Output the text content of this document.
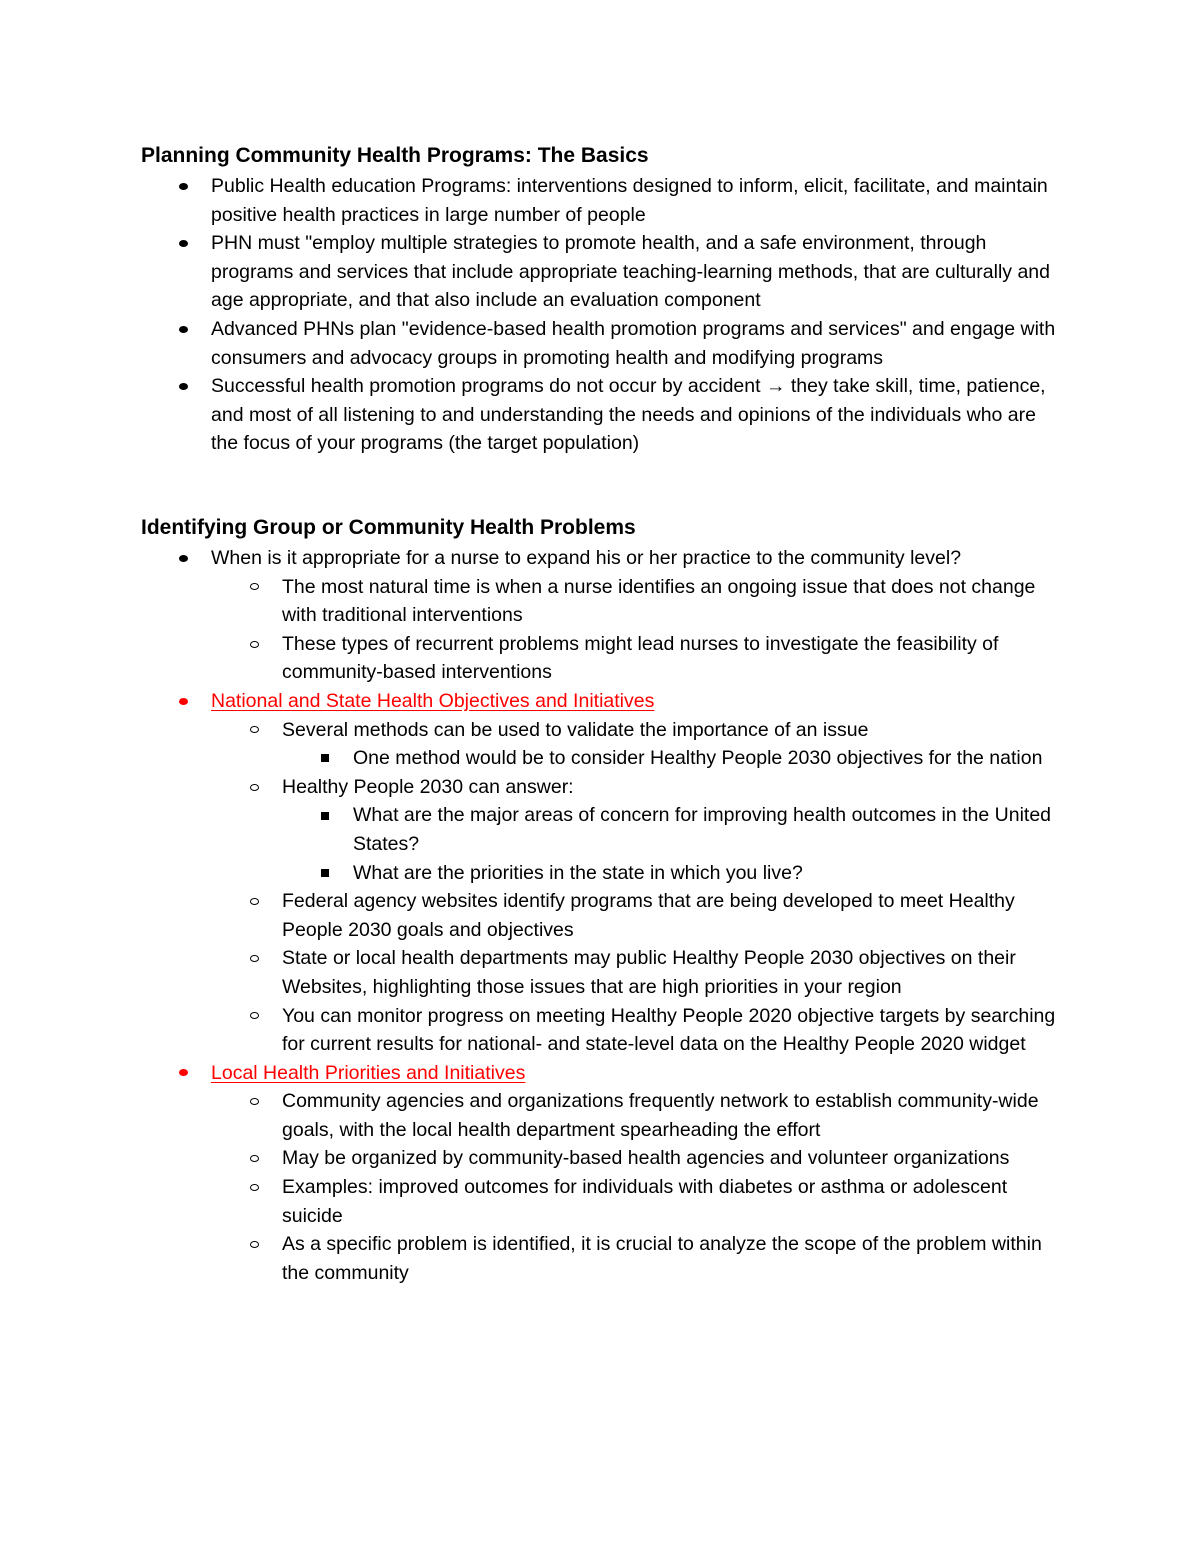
Planning Community Health Programs: The Basics
Public Health education Programs: interventions designed to inform, elicit, facilitate, and maintain positive health practices in large number of people
PHN must "employ multiple strategies to promote health, and a safe environment, through programs and services that include appropriate teaching-learning methods, that are culturally and age appropriate, and that also include an evaluation component
Advanced PHNs plan "evidence-based health promotion programs and services" and engage with consumers and advocacy groups in promoting health and modifying programs
Successful health promotion programs do not occur by accident → they take skill, time, patience, and most of all listening to and understanding the needs and opinions of the individuals who are the focus of your programs (the target population)
Identifying Group or Community Health Problems
When is it appropriate for a nurse to expand his or her practice to the community level?
The most natural time is when a nurse identifies an ongoing issue that does not change with traditional interventions
These types of recurrent problems might lead nurses to investigate the feasibility of community-based interventions
National and State Health Objectives and Initiatives
Several methods can be used to validate the importance of an issue
One method would be to consider Healthy People 2030 objectives for the nation
Healthy People 2030 can answer:
What are the major areas of concern for improving health outcomes in the United States?
What are the priorities in the state in which you live?
Federal agency websites identify programs that are being developed to meet Healthy People 2030 goals and objectives
State or local health departments may public Healthy People 2030 objectives on their Websites, highlighting those issues that are high priorities in your region
You can monitor progress on meeting Healthy People 2020 objective targets by searching for current results for national- and state-level data on the Healthy People 2020 widget
Local Health Priorities and Initiatives
Community agencies and organizations frequently network to establish community-wide goals, with the local health department spearheading the effort
May be organized by community-based health agencies and volunteer organizations
Examples: improved outcomes for individuals with diabetes or asthma or adolescent suicide
As a specific problem is identified, it is crucial to analyze the scope of the problem within the community
